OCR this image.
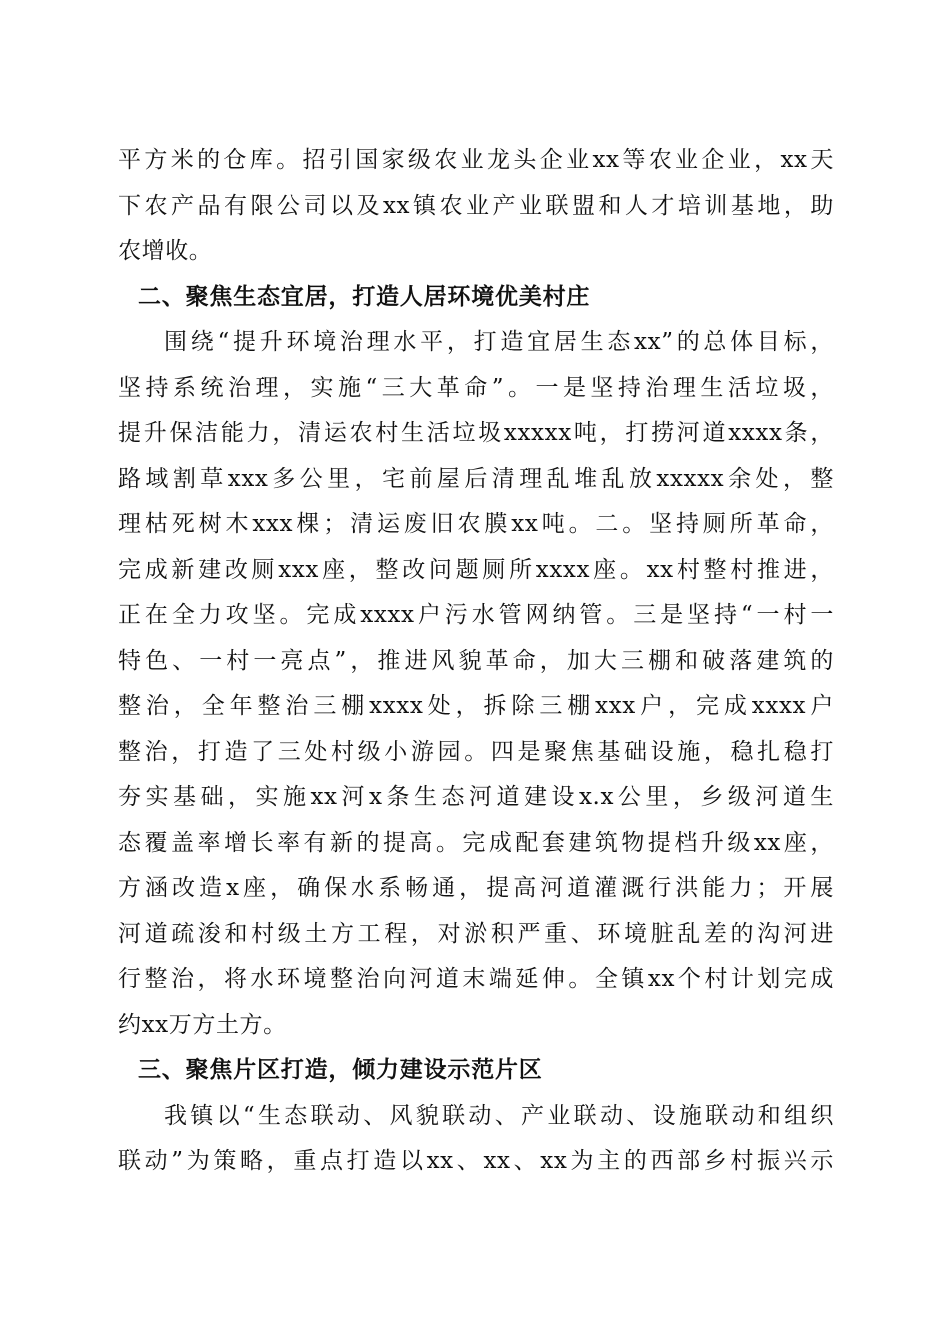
平方米的仓库。招引国家级农业龙头企业xx等农业企业，xx天
下农产品有限公司以及xx镇农业产业联盟和人才培训基地，助
农增收。
二、聚焦生态宜居，打造人居环境优美村庄
围绕“提升环境治理水平，打造宜居生态xx”的总体目标，
坚持系统治理，实施“三大革命”。一是坚持治理生活垃圾，
提升保洁能力，清运农村生活垃圾xxxxx吨，打捞河道xxxx条，
路域割草xxx多公里，宅前屋后清理乱堆乱放xxxxx余处，整
理枯死树木xxx棵；清运废旧农膜xx吨。二。坚持厕所革命，
完成新建改厕xxx座，整改问题厕所xxxx座。xx村整村推进，
正在全力攻坚。完成xxxx户污水管网纳管。三是坚持“一村一
特色、一村一亮点”，推进风貌革命，加大三棚和破落建筑的
整治，全年整治三棚xxxx处，拆除三棚xxx户，完成xxxx户
整治，打造了三处村级小游园。四是聚焦基础设施，稳扎稳打
夯实基础，实施xx河x条生态河道建设x.x公里，乡级河道生
态覆盖率增长率有新的提高。完成配套建筑物提档升级xx座，
方涵改造x座，确保水系畅通，提高河道灌溉行洪能力；开展
河道疏浚和村级土方工程，对淤积严重、环境脏乱差的沟河进
行整治，将水环境整治向河道末端延伸。全镇xx个村计划完成
约xx万方土方。
三、聚焦片区打造，倾力建设示范片区
我镇以“生态联动、风貌联动、产业联动、设施联动和组织
联动”为策略，重点打造以xx、xx、xx为主的西部乡村振兴示
